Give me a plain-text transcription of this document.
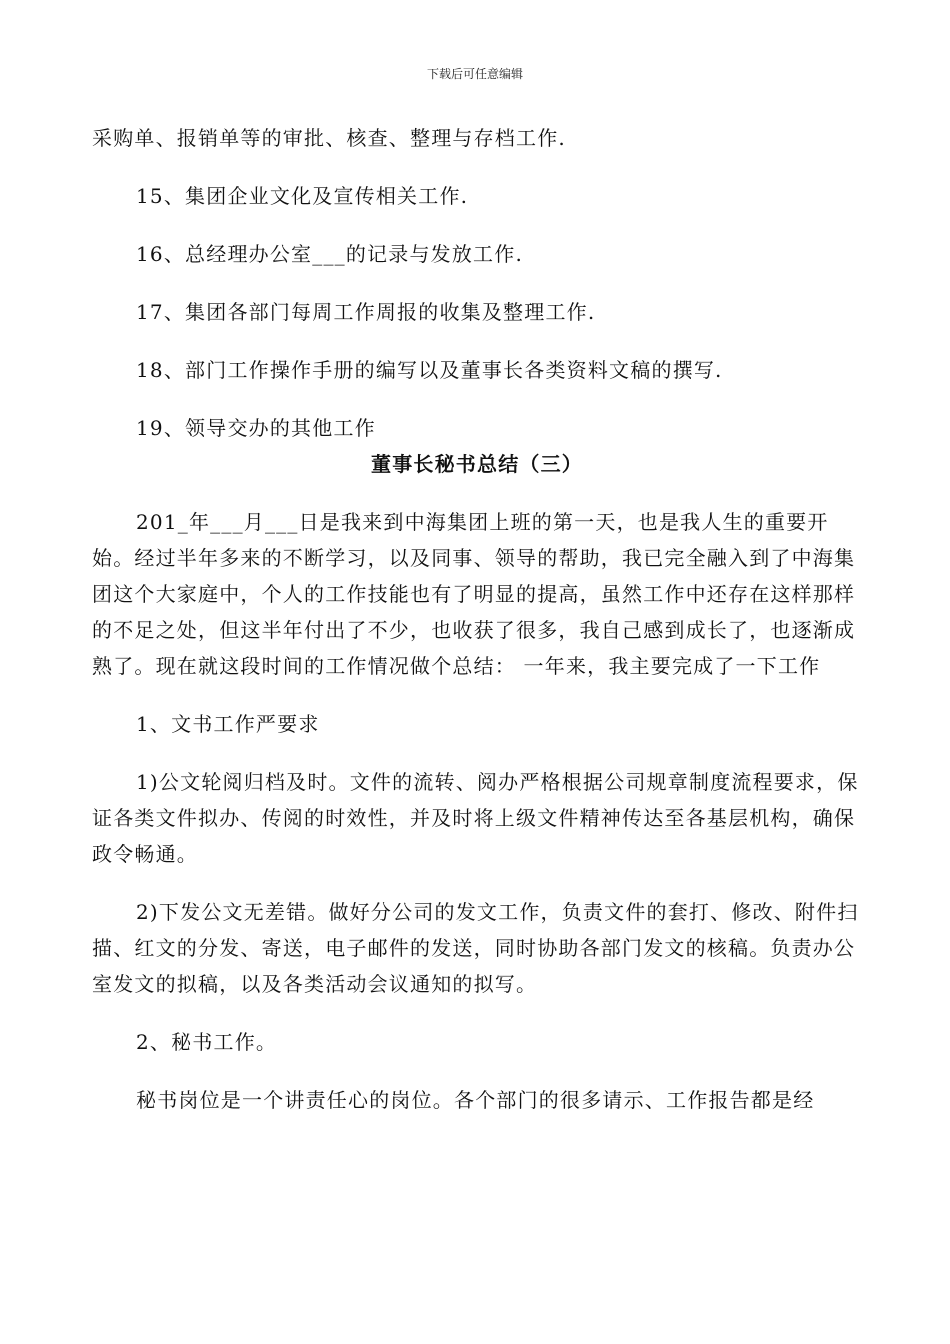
下载后可任意编辑

采购单、报销单等的审批、核查、整理与存档工作.

15、集团企业文化及宣传相关工作.

16、总经理办公室___的记录与发放工作.

17、集团各部门每周工作周报的收集及整理工作.

18、部门工作操作手册的编写以及董事长各类资料文稿的撰写.

19、领导交办的其他工作

董事长秘书总结（三）

201_年___月___日是我来到中海集团上班的第一天，也是我人生的重要开始。经过半年多来的不断学习，以及同事、领导的帮助，我已完全融入到了中海集团这个大家庭中，个人的工作技能也有了明显的提高，虽然工作中还存在这样那样的不足之处，但这半年付出了不少，也收获了很多，我自己感到成长了，也逐渐成熟了。现在就这段时间的工作情况做个总结： 一年来，我主要完成了一下工作

1、文书工作严要求

1)公文轮阅归档及时。文件的流转、阅办严格根据公司规章制度流程要求，保证各类文件拟办、传阅的时效性，并及时将上级文件精神传达至各基层机构，确保政令畅通。

2)下发公文无差错。做好分公司的发文工作，负责文件的套打、修改、附件扫描、红文的分发、寄送，电子邮件的发送，同时协助各部门发文的核稿。负责办公室发文的拟稿，以及各类活动会议通知的拟写。

2、秘书工作。

秘书岗位是一个讲责任心的岗位。各个部门的很多请示、工作报告都是经
